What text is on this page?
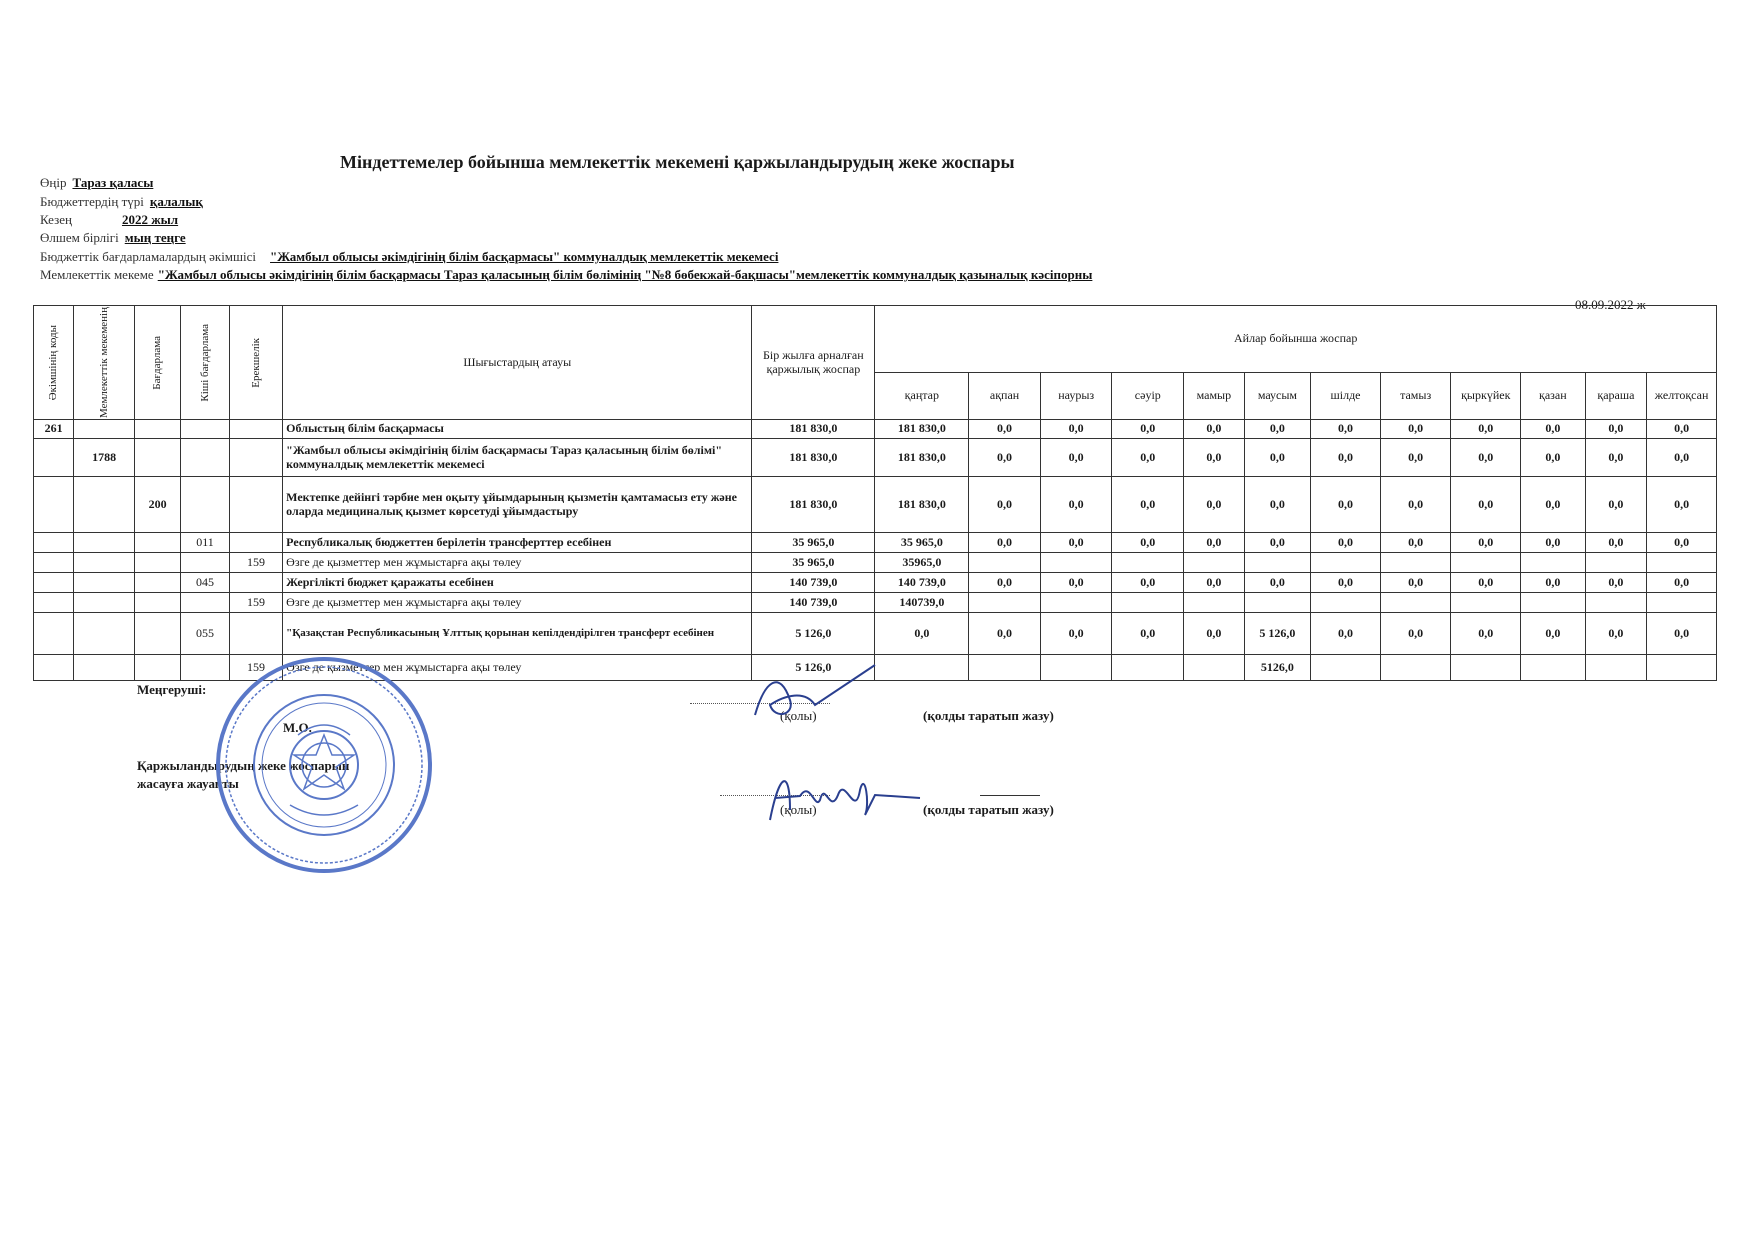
Міндеттемелер бойынша мемлекеттік мекемені қаржыландырудың жеке жоспары
Өңір Тараз қаласы
Бюджеттердің түрі қалалық
Кезең	2022 жыл
Өлшем бірлігі мың теңге
Бюджеттік бағдарламалардың әкімшісі "Жамбыл облысы әкімдігінің білім басқармасы" коммуналдық мемлекеттік мекемесі
Мемлекеттік мекеме "Жамбыл облысы әкімдігінің білім басқармасы Тараз қаласының білім бөлімінің "№8 бөбекжай-бақшасы"мемлекеттік коммуналдық қазыналық кәсіпорны
08.09.2022 ж
Әкімшінің коды	Мемлекеттік мекеменің	Бағдарлама	Кіші бағдарлама	Ерекшелік	Шығыстардың атауы	Бір жылға арналған қаржылық жоспар	Айлар бойынша жоспар											
							қаңтар	ақпан	наурыз	сәуір	мамыр	маусым	шілде	тамыз	қыркүйек	қазан	қараша	желтоқсан
261					Облыстың білім басқармасы	181 830,0	181 830,0	0,0	0,0	0,0	0,0	0,0	0,0	0,0	0,0	0,0	0,0	0,0
	1788				"Жамбыл облысы әкімдігінің білім басқармасы Тараз қаласының білім бөлімі" коммуналдық мемлекеттік мекемесі	181 830,0	181 830,0	0,0	0,0	0,0	0,0	0,0	0,0	0,0	0,0	0,0	0,0	0,0
		200			Мектепке дейінгі тәрбие мен оқыту ұйымдарының қызметін қамтамасыз ету және оларда медициналық қызмет көрсетуді ұйымдастыру	181 830,0	181 830,0	0,0	0,0	0,0	0,0	0,0	0,0	0,0	0,0	0,0	0,0	0,0
			011		Республикалық бюджеттен берілетін трансферттер есебінен	35 965,0	35 965,0	0,0	0,0	0,0	0,0	0,0	0,0	0,0	0,0	0,0	0,0	0,0
				159	Өзге де қызметтер мен жұмыстарға ақы төлеу	35 965,0	35965,0											
			045		Жергілікті бюджет қаражаты есебінен	140 739,0	140 739,0	0,0	0,0	0,0	0,0	0,0	0,0	0,0	0,0	0,0	0,0	0,0
				159	Өзге де қызметтер мен жұмыстарға ақы төлеу	140 739,0	140739,0											
			055		"Қазақстан Республикасының Ұлттық қорынан кепілдендірілген трансферт есебінен	5 126,0	0,0	0,0	0,0	0,0	0,0	5 126,0	0,0	0,0	0,0	0,0	0,0	0,0
				159	Өзге де қызметтер мен жұмыстарға ақы төлеу	5 126,0						5126,0						
Меңгеруші:
М.О.
Қаржыландырудың жеке жоспарын
жасауға жауапты
(қолы)	(қолды таратып жазу)
(қолы)	(қолды таратып жазу)
